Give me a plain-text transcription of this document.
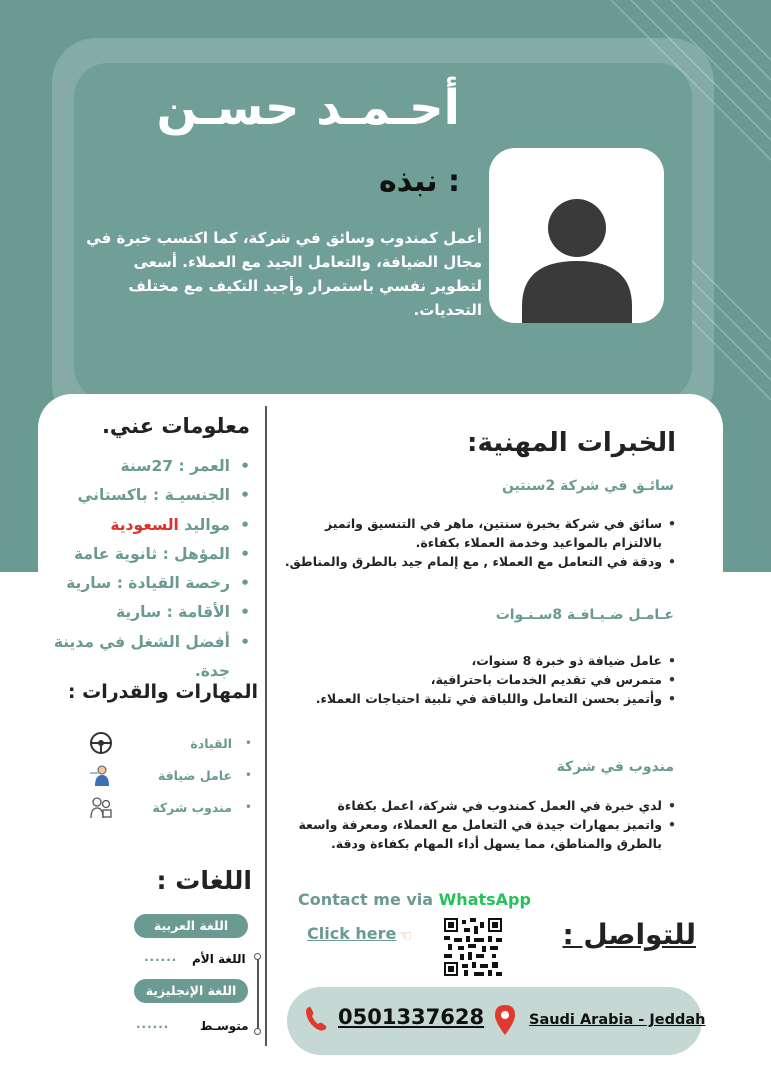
أحـمـد حسـن
نبذه :
أعمل كمندوب وسائق في شركة، كما اكتسب خبرة في مجال الضيافة، والتعامل الجيد مع العملاء. أسعى لتطوير نفسي باستمرار وأجيد التكيف مع مختلف التحديات.
الخبرات المهنية:
سائـق في شركة 2سنتين
• سائق في شركة بخبرة سنتين، ماهر في التنسيق واتميز بالالتزام بالمواعيد وخدمة العملاء بكفاءة.
• ودقة في التعامل مع العملاء , مع إلمام جيد بالطرق والمناطق.
عـامـل ضـيـافـة 8سـنـوات
• عامل ضيافة ذو خبرة 8 سنوات،
• متمرس في تقديم الخدمات باحترافية،
• وأتميز بحسن التعامل واللباقة في تلبية احتياجات العملاء.
مندوب في شركة
• لدي خبرة في العمل كمندوب في شركة، اعمل بكفاءة
• واتميز بمهارات جيدة في التعامل مع العملاء، ومعرفة واسعة بالطرق والمناطق، مما يسهل أداء المهام بكفاءة ودقة.
معلومات عني.
• العمر : 27سنة
• الجنسيـة : باكستاني
• مواليد السعودية
• المؤهل : ثانوية عامة
• رخصة القيادة : سارية
• الأقامة : سارية
• أفضل الشغل في مدينة جدة.
المهارات والقدرات :
•
القيادة
•
عامل ضيافة
•
مندوب شركة
اللغات :
اللغة العربية
اللغة الأم
......
اللغة الإنجليزية
متوسـط
......
Contact me via WhatsApp
Click here ☜	للتواصل :
0501337628	Saudi Arabia - Jeddah
